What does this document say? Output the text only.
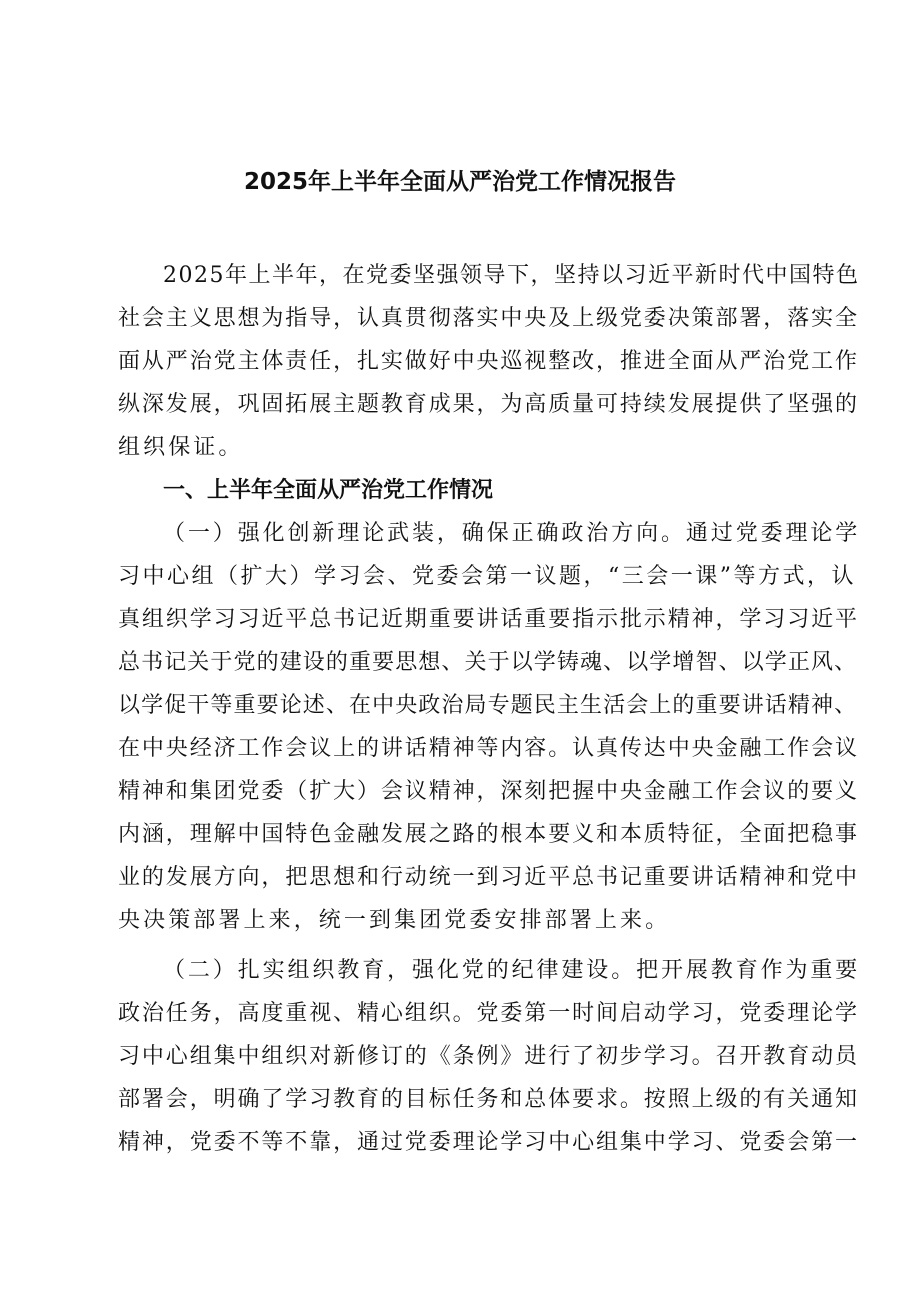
2025年上半年全面从严治党工作情况报告
2025年上半年，在党委坚强领导下，坚持以习近平新时代中国特色
社会主义思想为指导，认真贯彻落实中央及上级党委决策部署，落实全
面从严治党主体责任，扎实做好中央巡视整改，推进全面从严治党工作
纵深发展，巩固拓展主题教育成果，为高质量可持续发展提供了坚强的
组织保证。
一、上半年全面从严治党工作情况
（一）强化创新理论武装，确保正确政治方向。通过党委理论学
习中心组（扩大）学习会、党委会第一议题，“三会一课”等方式，认
真组织学习习近平总书记近期重要讲话重要指示批示精神，学习习近平
总书记关于党的建设的重要思想、关于以学铸魂、以学增智、以学正风、
以学促干等重要论述、在中央政治局专题民主生活会上的重要讲话精神、
在中央经济工作会议上的讲话精神等内容。认真传达中央金融工作会议
精神和集团党委（扩大）会议精神，深刻把握中央金融工作会议的要义
内涵，理解中国特色金融发展之路的根本要义和本质特征，全面把稳事
业的发展方向，把思想和行动统一到习近平总书记重要讲话精神和党中
央决策部署上来，统一到集团党委安排部署上来。
（二）扎实组织教育，强化党的纪律建设。把开展教育作为重要
政治任务，高度重视、精心组织。党委第一时间启动学习，党委理论学
习中心组集中组织对新修订的《条例》进行了初步学习。召开教育动员
部署会，明确了学习教育的目标任务和总体要求。按照上级的有关通知
精神，党委不等不靠，通过党委理论学习中心组集中学习、党委会第一
